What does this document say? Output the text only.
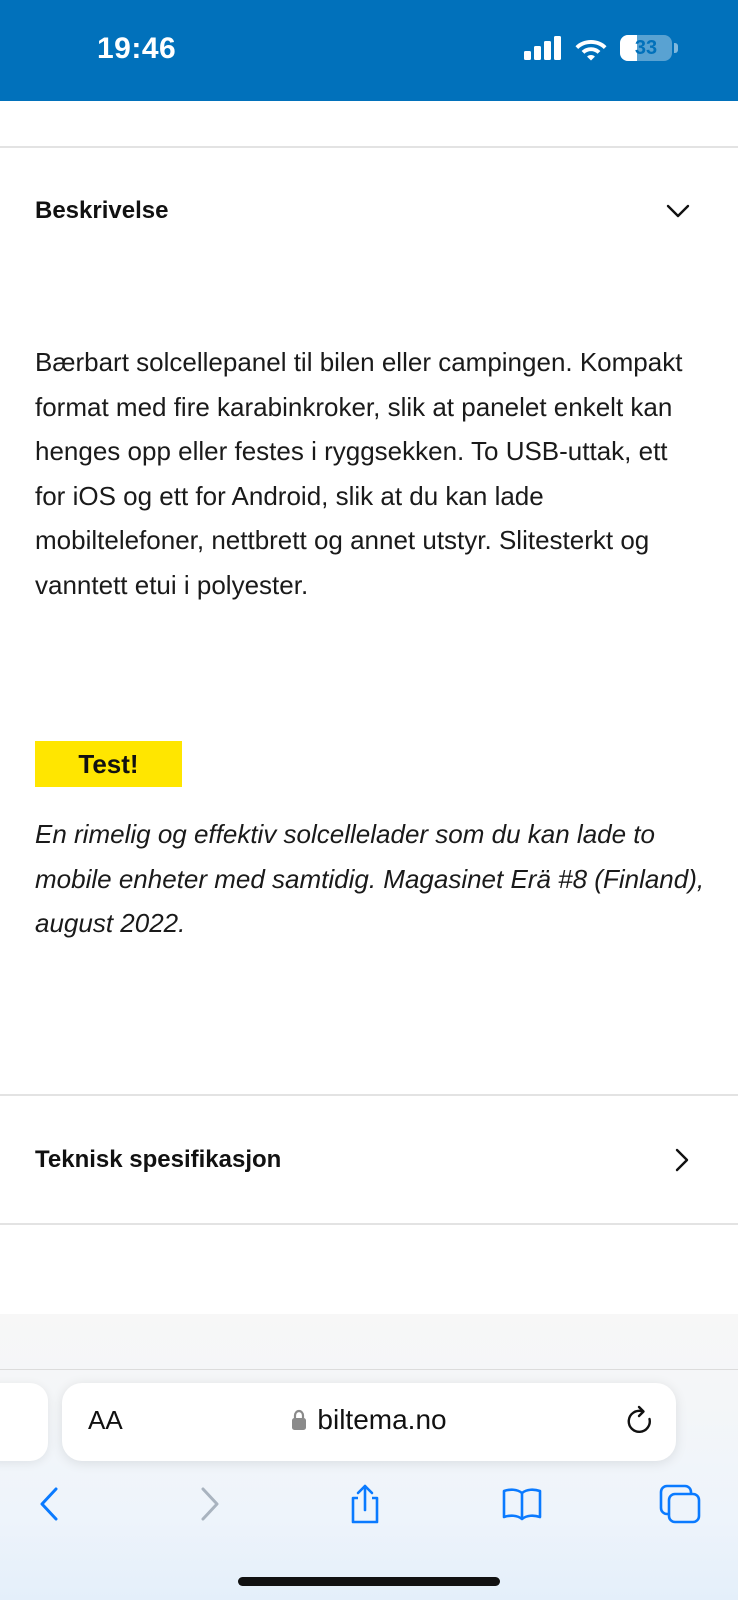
19:46	33
Beskrivelse

Bærbart solcellepanel til bilen eller campingen. Kompakt format med fire karabinkroker, slik at panelet enkelt kan henges opp eller festes i ryggsekken. To USB-uttak, ett for iOS og ett for Android, slik at du kan lade mobiltelefoner, nettbrett og annet utstyr. Slitesterkt og vanntett etui i polyester.

Test!

En rimelig og effektiv solcellelader som du kan lade to mobile enheter med samtidig. Magasinet Erä #8 (Finland), august 2022.

Teknisk spesifikasjon
AA	biltema.no
